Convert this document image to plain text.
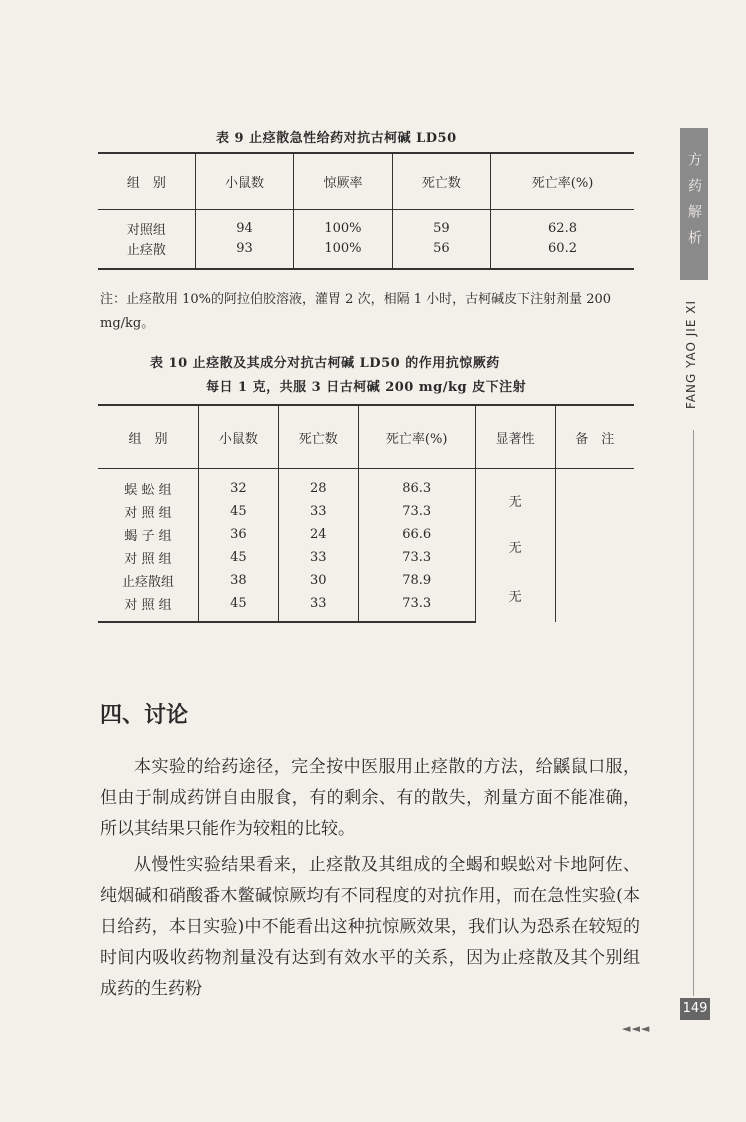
表 9 止痉散急性给药对抗古柯碱 LD50
组　别	小鼠数	惊厥率	死亡数	死亡率(%)
对照组	94	100%	59	62.8
止痉散	93	100%	56	60.2
注：止痉散用 10%的阿拉伯胶溶液，灌胃 2 次，相隔 1 小时，古柯碱皮下注射剂量 200 mg/kg。
表 10 止痉散及其成分对抗古柯碱 LD50 的作用抗惊厥药
每日 1 克，共服 3 日古柯碱 200 mg/kg 皮下注射
组　别	小鼠数	死亡数	死亡率(%)	显著性	备　注
蜈 蚣 组	32	28	86.3	无	
对 照 组	45	33	73.3		
蝎 子 组	36	24	66.6	无	
对 照 组	45	33	73.3		
止痉散组	38	30	78.9	无	
对 照 组	45	33	73.3		
四、讨论
本实验的给药途径，完全按中医服用止痉散的方法，给鼷鼠口服，但由于制成药饼自由服食，有的剩余、有的散失，剂量方面不能准确，所以其结果只能作为较粗的比较。
从慢性实验结果看来，止痉散及其组成的全蝎和蜈蚣对卡地阿佐、纯烟碱和硝酸番木鳖碱惊厥均有不同程度的对抗作用，而在急性实验(本日给药，本日实验)中不能看出这种抗惊厥效果，我们认为恐系在较短的时间内吸收药物剂量没有达到有效水平的关系，因为止痉散及其个别组成药的生药粉
方药解析
FANG YAO JIE XI
149
◄◄◄
